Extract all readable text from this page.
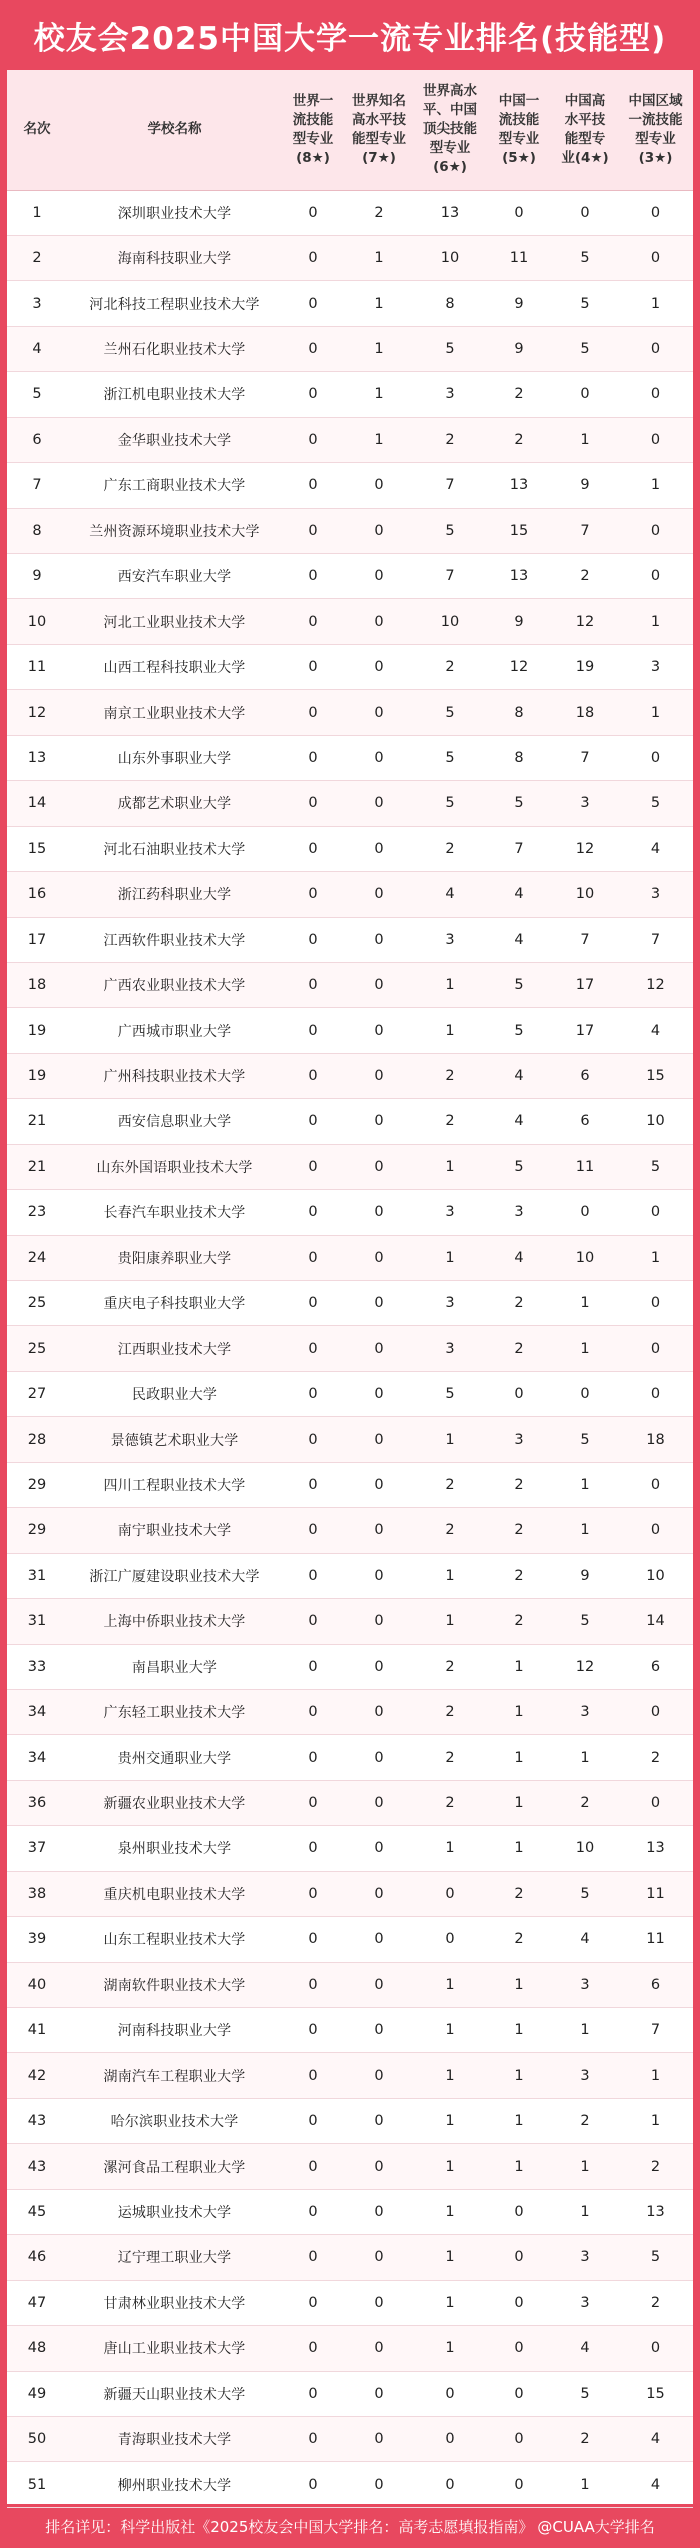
校友会2025中国大学一流专业排名(技能型)
名次	学校名称	世界一
流技能
型专业
(8★)	世界知名
高水平技
能型专业
(7★)	世界高水
平、中国
顶尖技能
型专业
(6★)	中国一
流技能
型专业
(5★)	中国高
水平技
能型专
业(4★)	中国区域
一流技能
型专业
(3★)

1	深圳职业技术大学	0	2	13	0	0	0
2	海南科技职业大学	0	1	10	11	5	0
3	河北科技工程职业技术大学	0	1	8	9	5	1
4	兰州石化职业技术大学	0	1	5	9	5	0
5	浙江机电职业技术大学	0	1	3	2	0	0
6	金华职业技术大学	0	1	2	2	1	0
7	广东工商职业技术大学	0	0	7	13	9	1
8	兰州资源环境职业技术大学	0	0	5	15	7	0
9	西安汽车职业大学	0	0	7	13	2	0
10	河北工业职业技术大学	0	0	10	9	12	1
11	山西工程科技职业大学	0	0	2	12	19	3
12	南京工业职业技术大学	0	0	5	8	18	1
13	山东外事职业大学	0	0	5	8	7	0
14	成都艺术职业大学	0	0	5	5	3	5
15	河北石油职业技术大学	0	0	2	7	12	4
16	浙江药科职业大学	0	0	4	4	10	3
17	江西软件职业技术大学	0	0	3	4	7	7
18	广西农业职业技术大学	0	0	1	5	17	12
19	广西城市职业大学	0	0	1	5	17	4
19	广州科技职业技术大学	0	0	2	4	6	15
21	西安信息职业大学	0	0	2	4	6	10
21	山东外国语职业技术大学	0	0	1	5	11	5
23	长春汽车职业技术大学	0	0	3	3	0	0
24	贵阳康养职业大学	0	0	1	4	10	1
25	重庆电子科技职业大学	0	0	3	2	1	0
25	江西职业技术大学	0	0	3	2	1	0
27	民政职业大学	0	0	5	0	0	0
28	景德镇艺术职业大学	0	0	1	3	5	18
29	四川工程职业技术大学	0	0	2	2	1	0
29	南宁职业技术大学	0	0	2	2	1	0
31	浙江广厦建设职业技术大学	0	0	1	2	9	10
31	上海中侨职业技术大学	0	0	1	2	5	14
33	南昌职业大学	0	0	2	1	12	6
34	广东轻工职业技术大学	0	0	2	1	3	0
34	贵州交通职业大学	0	0	2	1	1	2
36	新疆农业职业技术大学	0	0	2	1	2	0
37	泉州职业技术大学	0	0	1	1	10	13
38	重庆机电职业技术大学	0	0	0	2	5	11
39	山东工程职业技术大学	0	0	0	2	4	11
40	湖南软件职业技术大学	0	0	1	1	3	6
41	河南科技职业大学	0	0	1	1	1	7
42	湖南汽车工程职业大学	0	0	1	1	3	1
43	哈尔滨职业技术大学	0	0	1	1	2	1
43	漯河食品工程职业大学	0	0	1	1	1	2
45	运城职业技术大学	0	0	1	0	1	13
46	辽宁理工职业大学	0	0	1	0	3	5
47	甘肃林业职业技术大学	0	0	1	0	3	2
48	唐山工业职业技术大学	0	0	1	0	4	0
49	新疆天山职业技术大学	0	0	0	0	5	15
50	青海职业技术大学	0	0	0	0	2	4
51	柳州职业技术大学	0	0	0	0	1	4
排名详见：科学出版社《2025校友会中国大学排名：高考志愿填报指南》 @CUAA大学排名
